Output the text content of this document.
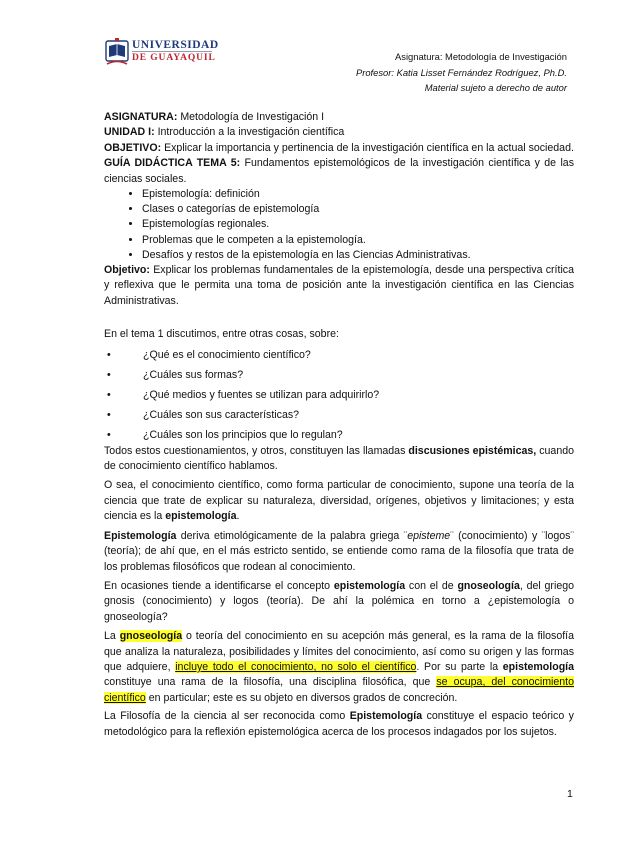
UNIVERSIDAD
DE GUAYAQUIL	Asignatura: Metodología de Investigación
Profesor: Katia Lisset Fernández Rodríguez, Ph.D.
Material sujeto a derecho de autor

ASIGNATURA: Metodología de Investigación I

UNIDAD I: Introducción a la investigación científica

OBJETIVO: Explicar la importancia y pertinencia de la investigación científica en la actual sociedad.

GUÍA DIDÁCTICA TEMA 5: Fundamentos epistemológicos de la investigación científica y de las ciencias sociales.

• Epistemología: definición
• Clases o categorías de epistemología
• Epistemologías regionales.
• Problemas que le competen a la epistemología.
• Desafíos y restos de la epistemología en las Ciencias Administrativas.

Objetivo: Explicar los problemas fundamentales de la epistemología, desde una perspectiva crítica y reflexiva que le permita una toma de posición ante la investigación científica en las Ciencias Administrativas.

En el tema 1 discutimos, entre otras cosas, sobre:

• ¿Qué es el conocimiento científico?
• ¿Cuáles sus formas?
• ¿Qué medios y fuentes se utilizan para adquirirlo?
• ¿Cuáles son sus características?
• ¿Cuáles son los principios que lo regulan?

Todos estos cuestionamientos, y otros, constituyen las llamadas discusiones epistémicas, cuando de conocimiento científico hablamos.

O sea, el conocimiento científico, como forma particular de conocimiento, supone una teoría de la ciencia que trate de explicar su naturaleza, diversidad, orígenes, objetivos y limitaciones; y esta ciencia es la epistemología.

Epistemología deriva etimológicamente de la palabra griega ¨episteme¨ (conocimiento) y ¨logos¨ (teoría); de ahí que, en el más estricto sentido, se entiende como rama de la filosofía que trata de los problemas filosóficos que rodean al conocimiento.

En ocasiones tiende a identificarse el concepto epistemología con el de gnoseología, del griego gnosis (conocimiento) y logos (teoría). De ahí la polémica en torno a ¿epistemología o gnoseología?

La gnoseología o teoría del conocimiento en su acepción más general, es la rama de la filosofía que analiza la naturaleza, posibilidades y límites del conocimiento, así como su origen y las formas que adquiere, incluye todo el conocimiento, no solo el científico. Por su parte la epistemología constituye una rama de la filosofía, una disciplina filosófica, que se ocupa, del conocimiento científico en particular; este es su objeto en diversos grados de concreción.

La Filosofía de la ciencia al ser reconocida como Epistemología constituye el espacio teórico y metodológico para la reflexión epistemológica acerca de los procesos indagados por los sujetos.

1
